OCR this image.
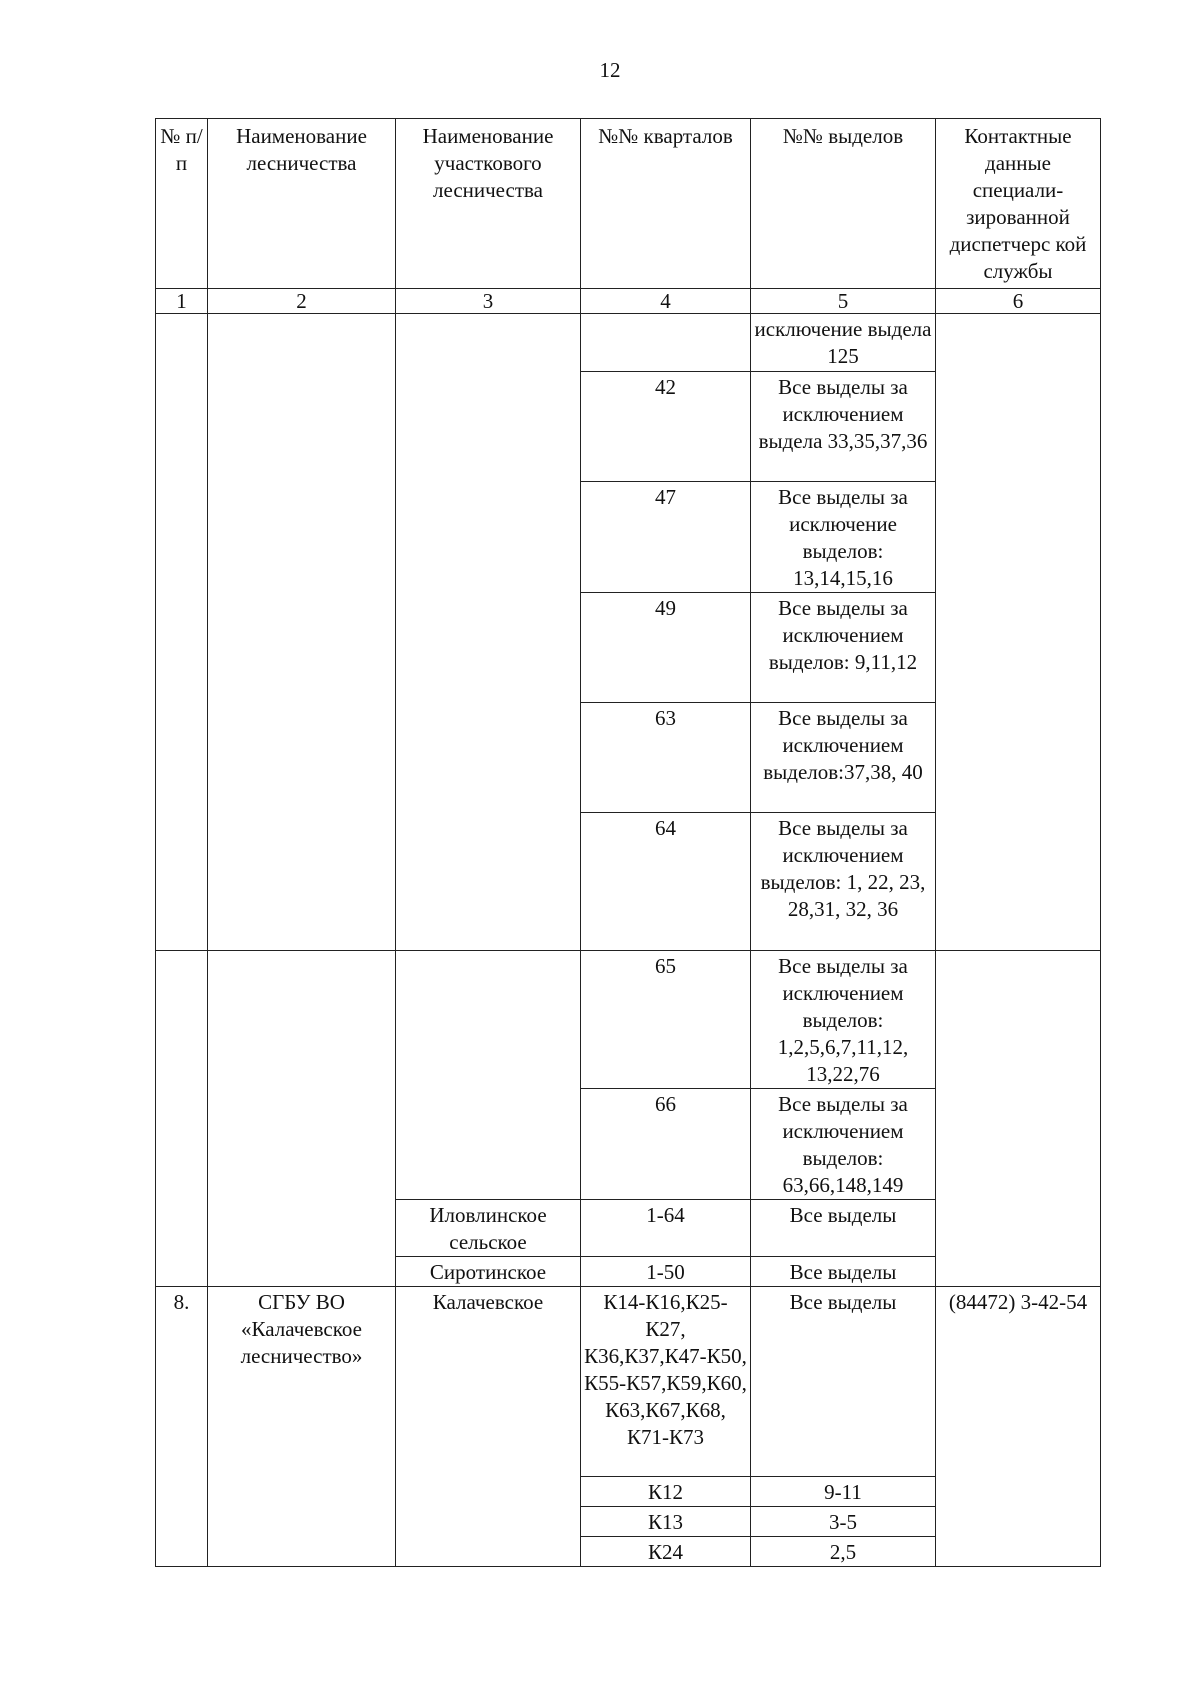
12
№ п/п	Наименование лесничества	Наименование участкового лесничества	№№ кварталов	№№ выделов	Контактные данные специали-зированной диспетчерс кой службы

1	2	3	4	5	6

				исключение выдела 125	

			42	Все выделы за исключением выдела 33,35,37,36	

			47	Все выделы за исключение выделов: 13,14,15,16	

			49	Все выделы за исключением выделов: 9,11,12	

			63	Все выделы за исключением выделов:37,38, 40	

			64	Все выделы за исключением выделов: 1, 22, 23, 28,31, 32, 36	

			65	Все выделы за исключением выделов: 1,2,5,6,7,11,12, 13,22,76	

			66	Все выделы за исключением выделов: 63,66,148,149	

		Иловлинское сельское	1-64	Все выделы	

		Сиротинское	1-50	Все выделы	

8.	СГБУ ВО «Калачевское лесничество»	Калачевское	К14-К16,К25-К27, К36,К37,К47-К50, К55-К57,К59,К60, К63,К67,К68, К71-К73	Все выделы	(84472) 3-42-54

			К12	9-11	

			К13	3-5	

			К24	2,5	
